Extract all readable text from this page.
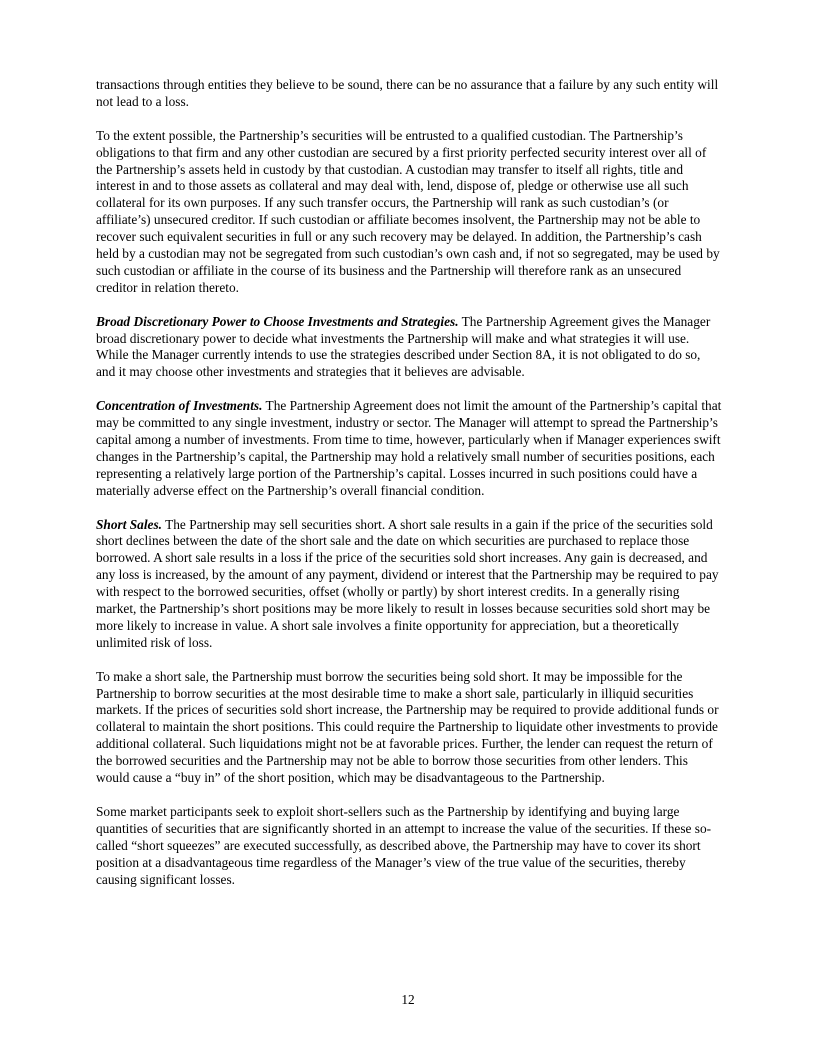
transactions through entities they believe to be sound, there can be no assurance that a failure by any such entity will not lead to a loss.

To the extent possible, the Partnership’s securities will be entrusted to a qualified custodian. The Partnership’s obligations to that firm and any other custodian are secured by a first priority perfected security interest over all of the Partnership’s assets held in custody by that custodian. A custodian may transfer to itself all rights, title and interest in and to those assets as collateral and may deal with, lend, dispose of, pledge or otherwise use all such collateral for its own purposes. If any such transfer occurs, the Partnership will rank as such custodian’s (or affiliate’s) unsecured creditor. If such custodian or affiliate becomes insolvent, the Partnership may not be able to recover such equivalent securities in full or any such recovery may be delayed. In addition, the Partnership’s cash held by a custodian may not be segregated from such custodian’s own cash and, if not so segregated, may be used by such custodian or affiliate in the course of its business and the Partnership will therefore rank as an unsecured creditor in relation thereto.

Broad Discretionary Power to Choose Investments and Strategies. The Partnership Agreement gives the Manager broad discretionary power to decide what investments the Partnership will make and what strategies it will use. While the Manager currently intends to use the strategies described under Section 8A, it is not obligated to do so, and it may choose other investments and strategies that it believes are advisable.

Concentration of Investments. The Partnership Agreement does not limit the amount of the Partnership’s capital that may be committed to any single investment, industry or sector. The Manager will attempt to spread the Partnership’s capital among a number of investments. From time to time, however, particularly when if Manager experiences swift changes in the Partnership’s capital, the Partnership may hold a relatively small number of securities positions, each representing a relatively large portion of the Partnership’s capital. Losses incurred in such positions could have a materially adverse effect on the Partnership’s overall financial condition.

Short Sales. The Partnership may sell securities short. A short sale results in a gain if the price of the securities sold short declines between the date of the short sale and the date on which securities are purchased to replace those borrowed. A short sale results in a loss if the price of the securities sold short increases. Any gain is decreased, and any loss is increased, by the amount of any payment, dividend or interest that the Partnership may be required to pay with respect to the borrowed securities, offset (wholly or partly) by short interest credits. In a generally rising market, the Partnership’s short positions may be more likely to result in losses because securities sold short may be more likely to increase in value. A short sale involves a finite opportunity for appreciation, but a theoretically unlimited risk of loss.

To make a short sale, the Partnership must borrow the securities being sold short. It may be impossible for the Partnership to borrow securities at the most desirable time to make a short sale, particularly in illiquid securities markets. If the prices of securities sold short increase, the Partnership may be required to provide additional funds or collateral to maintain the short positions. This could require the Partnership to liquidate other investments to provide additional collateral. Such liquidations might not be at favorable prices. Further, the lender can request the return of the borrowed securities and the Partnership may not be able to borrow those securities from other lenders. This would cause a “buy in” of the short position, which may be disadvantageous to the Partnership.

Some market participants seek to exploit short-sellers such as the Partnership by identifying and buying large quantities of securities that are significantly shorted in an attempt to increase the value of the securities. If these so-called “short squeezes” are executed successfully, as described above, the Partnership may have to cover its short position at a disadvantageous time regardless of the Manager’s view of the true value of the securities, thereby causing significant losses.

12
